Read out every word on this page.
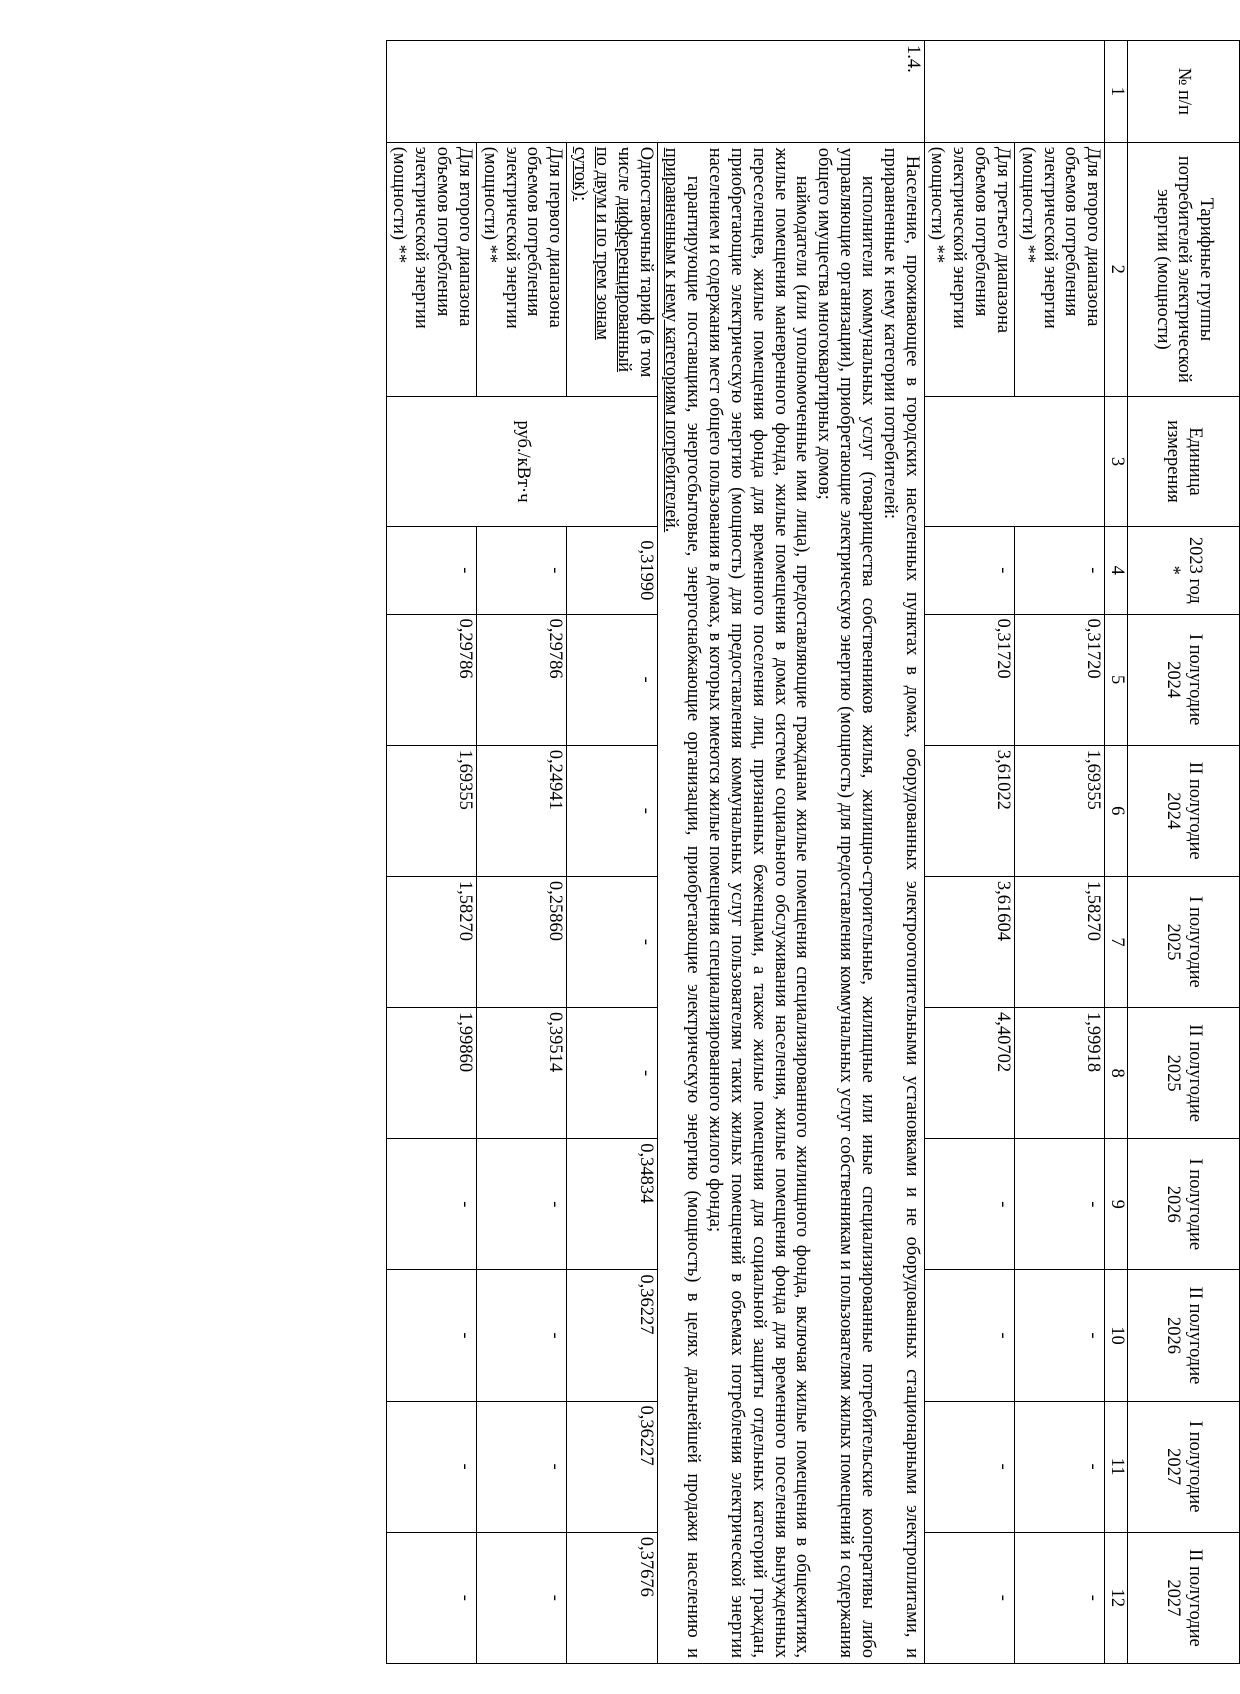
№ п/п	Тарифные группы потребителей электрической энергии (мощности)	Единица измерения	2023 год *	I полугодие 2024	II полугодие 2024	I полугодие 2025	II полугодие 2025	I полугодие 2026	II полугодие 2026	I полугодие 2027	II полугодие 2027
1	2	3	4	5	6	7	8	9	10	11	12
	Для второго диапазона объемов потребления электрической энергии (мощности) **		-	0,31720	1,69355	1,58270	1,99918	-	-	-	-
	Для третьего диапазона объемов потребления электрической энергии (мощности) **		-	0,31720	3,61022	3,61604	4,40702	-	-	-	-
1.4.	Население, проживающее в городских населенных пунктах в домах, оборудованных электроотопительными установками и не оборудованных стационарными электроплитами, и приравненные к нему категории потребителей:

исполнители коммунальных услуг (товарищества собственников жилья, жилищно-строительные, жилищные или иные специализированные потребительские кооперативы либо управляющие организации), приобретающие электрическую энергию (мощность) для предоставления коммунальных услуг собственникам и пользователям жилых помещений и содержания общего имущества многоквартирных домов;

наймодатели (или уполномоченные ими лица), предоставляющие гражданам жилые помещения специализированного жилищного фонда, включая жилые помещения в общежитиях, жилые помещения маневренного фонда, жилые помещения в домах системы социального обслуживания населения, жилые помещения фонда для временного поселения вынужденных переселенцев, жилые помещения фонда для временного поселения лиц, признанных беженцами, а также жилые помещения для социальной защиты отдельных категорий граждан, приобретающие электрическую энергию (мощность) для предоставления коммунальных услуг пользователям таких жилых помещений в объемах потребления электрической энергии населением и содержания мест общего пользования в домах, в которых имеются жилые помещения специализированного жилого фонда;

гарантирующие поставщики, энергосбытовые, энергоснабжающие организации, приобретающие электрическую энергию (мощность) в целях дальнейшей продажи населению и приравненным к нему категориям потребителей.										

	Одноставочный тариф (в том числе дифференцированный по двум и по трем зонам суток):	руб./кВт·ч	0,31990	-	-	-	-	0,34834	0,36227	0,36227	0,37676
	Для первого диапазона объемов потребления электрической энергии (мощности) **		-	0,29786	0,24941	0,25860	0,39514	-	-	-	-
	Для второго диапазона объемов потребления электрической энергии (мощности) **		-	0,29786	1,69355	1,58270	1,99860	-	-	-	-
